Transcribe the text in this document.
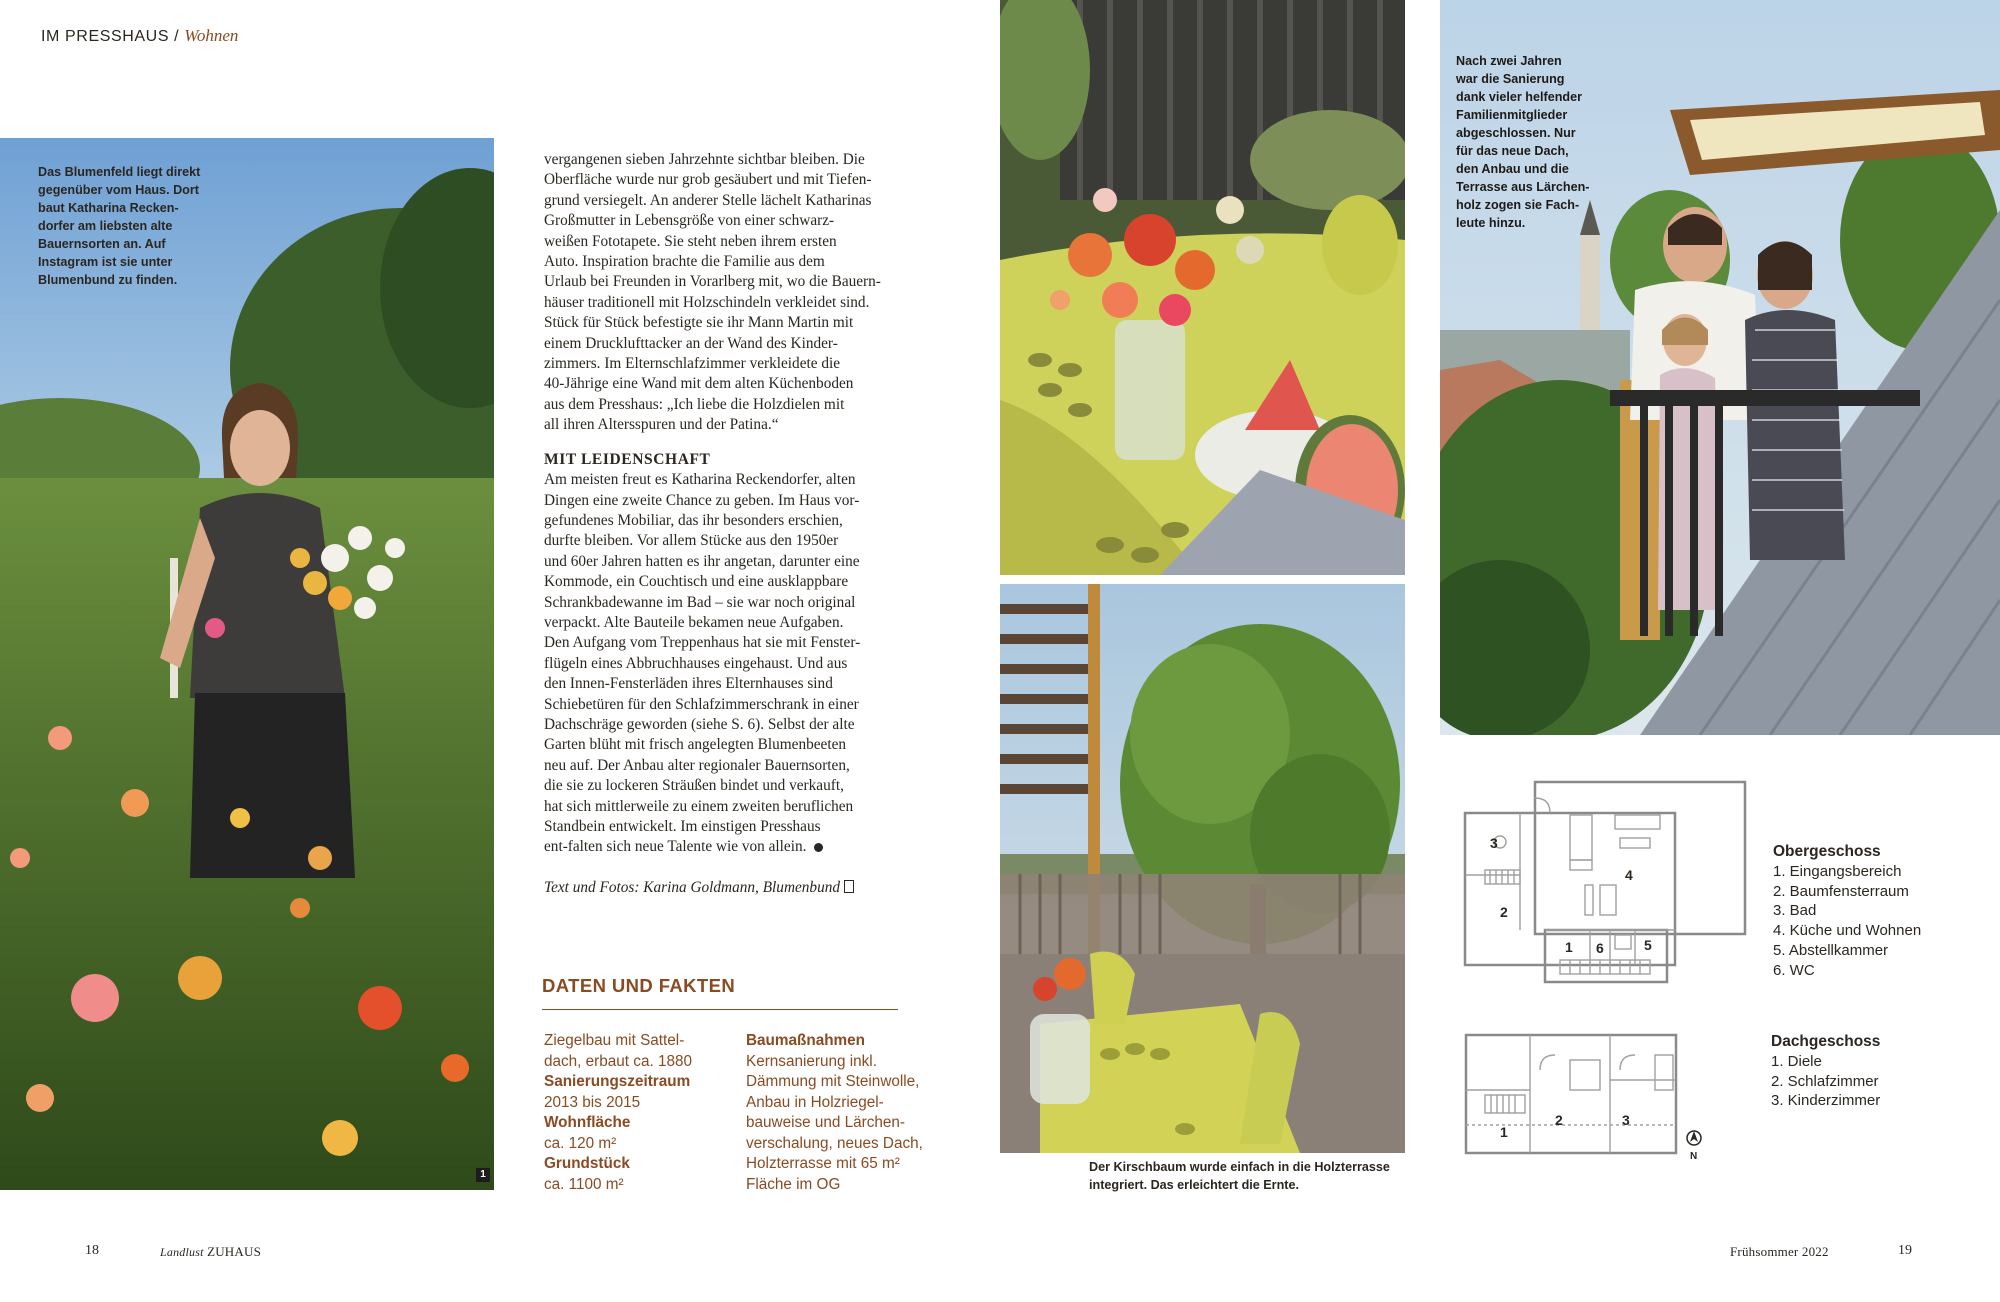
IM PRESSHAUS / Wohnen
Das Blumenfeld liegt direkt
gegenüber vom Haus. Dort
baut Katharina Recken-
dorfer am liebsten alte
Bauernsorten an. Auf
Instagram ist sie unter
Blumenbund zu finden.
1

vergangenen sieben Jahrzehnte sichtbar bleiben. Die

Oberfläche wurde nur grob gesäubert und mit Tiefen-

grund versiegelt. An anderer Stelle lächelt Katharinas

Großmutter in Lebensgröße von einer schwarz-

weißen Fototapete. Sie steht neben ihrem ersten

Auto. Inspiration brachte die Familie aus dem

Urlaub bei Freunden in Vorarlberg mit, wo die Bauern-

häuser traditionell mit Holzschindeln verkleidet sind.

Stück für Stück befestigte sie ihr Mann Martin mit

einem Drucklufttacker an der Wand des Kinder-

zimmers. Im Elternschlafzimmer verkleidete die

40-Jährige eine Wand mit dem alten Küchenboden

aus dem Presshaus: „Ich liebe die Holzdielen mit

all ihren Altersspuren und der Patina.“

MIT LEIDENSCHAFT

Am meisten freut es Katharina Reckendorfer, alten

Dingen eine zweite Chance zu geben. Im Haus vor-

gefundenes Mobiliar, das ihr besonders erschien,

durfte bleiben. Vor allem Stücke aus den 1950er

und 60er Jahren hatten es ihr angetan, darunter eine

Kommode, ein Couchtisch und eine ausklappbare

Schrankbadewanne im Bad – sie war noch original

verpackt. Alte Bauteile bekamen neue Aufgaben.

Den Aufgang vom Treppenhaus hat sie mit Fenster-

flügeln eines Abbruchhauses eingehaust. Und aus

den Innen-Fensterläden ihres Elternhauses sind

Schiebetüren für den Schlafzimmerschrank in einer

Dachschräge geworden (siehe S. 6). Selbst der alte

Garten blüht mit frisch angelegten Blumenbeeten

neu auf. Der Anbau alter regionaler Bauernsorten,

die sie zu lockeren Sträußen bindet und verkauft,

hat sich mittlerweile zu einem zweiten beruflichen

Standbein entwickelt. Im einstigen Presshaus

ent-falten sich neue Talente wie von allein.

Text und Fotos: Karina Goldmann, Blumenbund

DATEN UND FAKTEN
Ziegelbau mit Sattel-
dach, erbaut ca. 1880
Sanierungszeitraum
2013 bis 2015
Wohnfläche
ca. 120 m²
Grundstück
ca. 1100 m²
Baumaßnahmen
Kernsanierung inkl.
Dämmung mit Steinwolle,
Anbau in Holzriegel-
bauweise und Lärchen-
verschalung, neues Dach,
Holzterrasse mit 65 m²
Fläche im OG
Der Kirschbaum wurde einfach in die Holzterrasse
integriert. Das erleichtert die Ernte.
Nach zwei Jahren
war die Sanierung
dank vieler helfender
Familienmitglieder
abgeschlossen. Nur
für das neue Dach,
den Anbau und die
Terrasse aus Lärchen-
holz zogen sie Fach-
leute hinzu.
3
4
2
1 6	5
Obergeschoss
1. Eingangsbereich
2. Baumfensterraum
3. Bad
4. Küche und Wohnen
5. Abstellkammer
6. WC
1
2	3
N
Dachgeschoss
1. Diele
2. Schlafzimmer
3. Kinderzimmer
18	Landlust ZUHAUS	Frühsommer 2022	19
